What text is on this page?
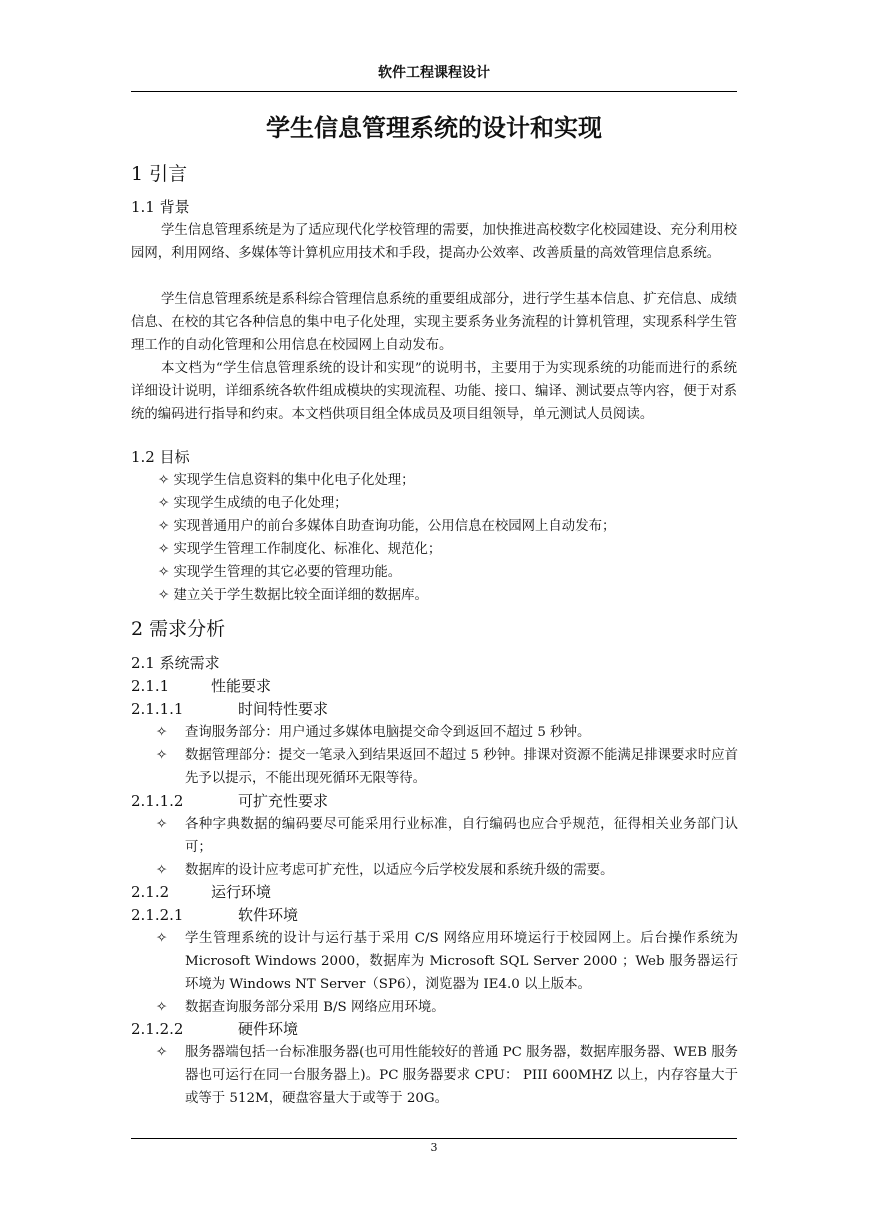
软件工程课程设计
学生信息管理系统的设计和实现
1 引言
1.1 背景

学生信息管理系统是为了适应现代化学校管理的需要，加快推进高校数字化校园建设、充分利用校园网，利用网络、多媒体等计算机应用技术和手段，提高办公效率、改善质量的高效管理信息系统。

学生信息管理系统是系科综合管理信息系统的重要组成部分，进行学生基本信息、扩充信息、成绩信息、在校的其它各种信息的集中电子化处理，实现主要系务业务流程的计算机管理，实现系科学生管理工作的自动化管理和公用信息在校园网上自动发布。

本文档为“学生信息管理系统的设计和实现”的说明书，主要用于为实现系统的功能而进行的系统详细设计说明，详细系统各软件组成模块的实现流程、功能、接口、编译、测试要点等内容，便于对系统的编码进行指导和约束。本文档供项目组全体成员及项目组领导，单元测试人员阅读。

1.2 目标
✧ 实现学生信息资料的集中化电子化处理；
✧ 实现学生成绩的电子化处理；
✧ 实现普通用户的前台多媒体自助查询功能，公用信息在校园网上自动发布；
✧ 实现学生管理工作制度化、标准化、规范化；
✧ 实现学生管理的其它必要的管理功能。
✧ 建立关于学生数据比较全面详细的数据库。
2 需求分析
2.1 系统需求
2.1.1	性能要求
2.1.1.1	时间特性要求
✧	查询服务部分：用户通过多媒体电脑提交命令到返回不超过 5 秒钟。
✧	数据管理部分：提交一笔录入到结果返回不超过 5 秒钟。排课对资源不能满足排课要求时应首先予以提示，不能出现死循环无限等待。
2.1.1.2	可扩充性要求
✧	各种字典数据的编码要尽可能采用行业标准，自行编码也应合乎规范，征得相关业务部门认可；
✧	数据库的设计应考虑可扩充性，以适应今后学校发展和系统升级的需要。
2.1.2	运行环境
2.1.2.1	软件环境
✧	学生管理系统的设计与运行基于采用 C/S 网络应用环境运行于校园网上。后台操作系统为 Microsoft Windows 2000，数据库为 Microsoft SQL Server 2000 ；Web 服务器运行环境为 Windows NT Server（SP6），浏览器为 IE4.0 以上版本。
✧	数据查询服务部分采用 B/S 网络应用环境。
2.1.2.2	硬件环境
✧	服务器端包括一台标准服务器(也可用性能较好的普通 PC 服务器，数据库服务器、WEB 服务器也可运行在同一台服务器上)。PC 服务器要求 CPU： PIII 600MHZ 以上，内存容量大于或等于 512M，硬盘容量大于或等于 20G。
3
